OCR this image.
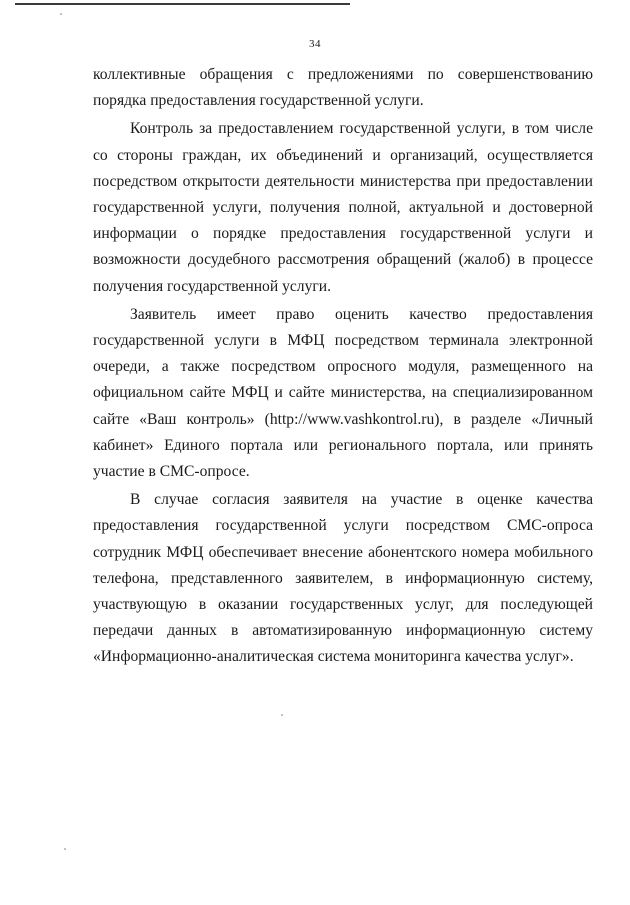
34

коллективные обращения с предложениями по совершенствованию порядка предоставления государственной услуги.

Контроль за предоставлением государственной услуги, в том числе со стороны граждан, их объединений и организаций, осуществляется посредством открытости деятельности министерства при предоставлении государственной услуги, получения полной, актуальной и достоверной информации о порядке предоставления государственной услуги и возможности досудебного рассмотрения обращений (жалоб) в процессе получения государственной услуги.

Заявитель имеет право оценить качество предоставления государственной услуги в МФЦ посредством терминала электронной очереди, а также посредством опросного модуля, размещенного на официальном сайте МФЦ и сайте министерства, на специализированном сайте «Ваш контроль» (http://www.vashkontrol.ru), в разделе «Личный кабинет» Единого портала или регионального портала, или принять участие в СМС-опросе.

В случае согласия заявителя на участие в оценке качества предоставления государственной услуги посредством СМС-опроса сотрудник МФЦ обеспечивает внесение абонентского номера мобильного телефона, представленного заявителем, в информационную систему, участвующую в оказании государственных услуг, для последующей передачи данных в автоматизированную информационную систему «Информационно-аналитическая система мониторинга качества услуг».
